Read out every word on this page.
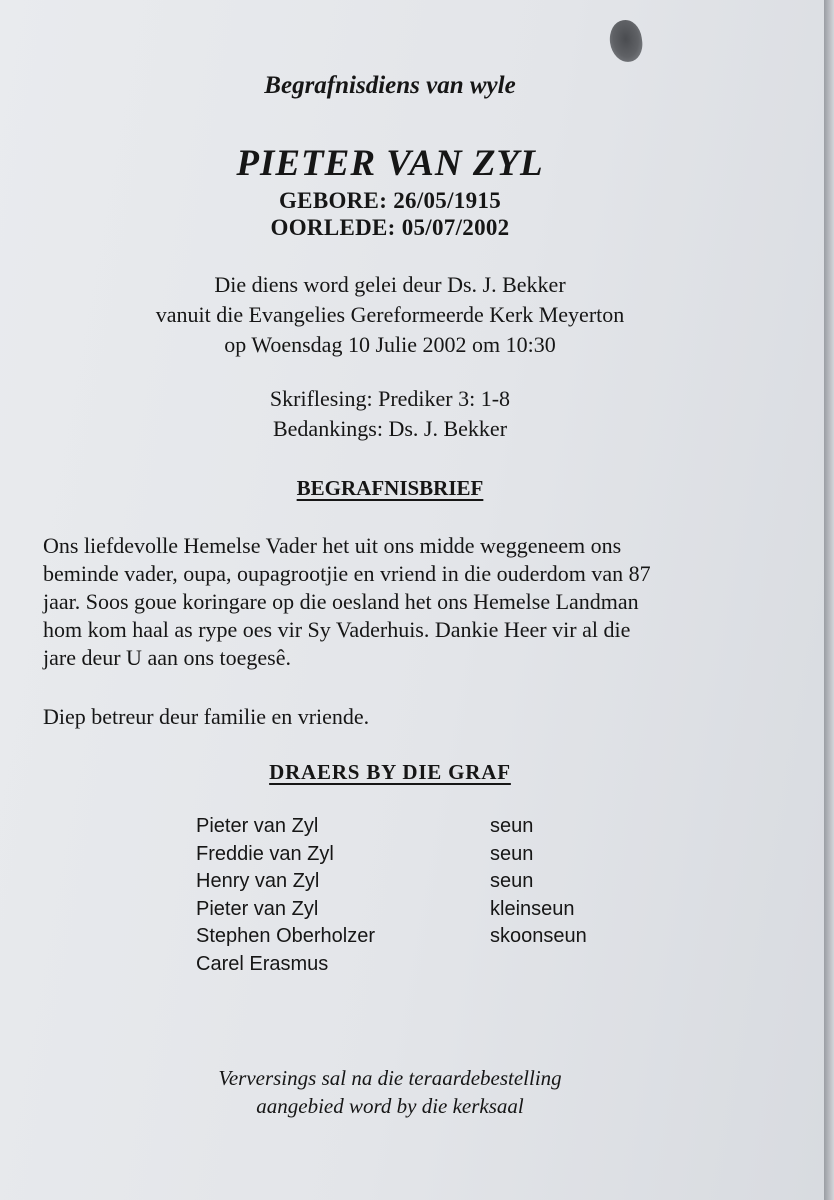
Begrafnisdiens van wyle

PIETER VAN ZYL

GEBORE: 26/05/1915

OORLEDE: 05/07/2002

Die diens word gelei deur Ds. J. Bekker

vanuit die Evangelies Gereformeerde Kerk Meyerton

op Woensdag 10 Julie 2002 om 10:30

Skriflesing: Prediker 3: 1-8

Bedankings: Ds. J. Bekker

BEGRAFNISBRIEF

Ons liefdevolle Hemelse Vader het uit ons midde weggeneem ons
beminde vader, oupa, oupagrootjie en vriend in die ouderdom van 87
jaar. Soos goue koringare op die oesland het ons Hemelse Landman
hom kom haal as rype oes vir Sy Vaderhuis. Dankie Heer vir al die
jare deur U aan ons toegesê.

Diep betreur deur familie en vriende.

DRAERS BY DIE GRAF

Pieter van Zyl	seun
Freddie van Zyl	seun
Henry van Zyl	seun
Pieter van Zyl	kleinseun
Stephen Oberholzer	skoonseun
Carel Erasmus

Verversings sal na die teraardebestelling

aangebied word by die kerksaal
